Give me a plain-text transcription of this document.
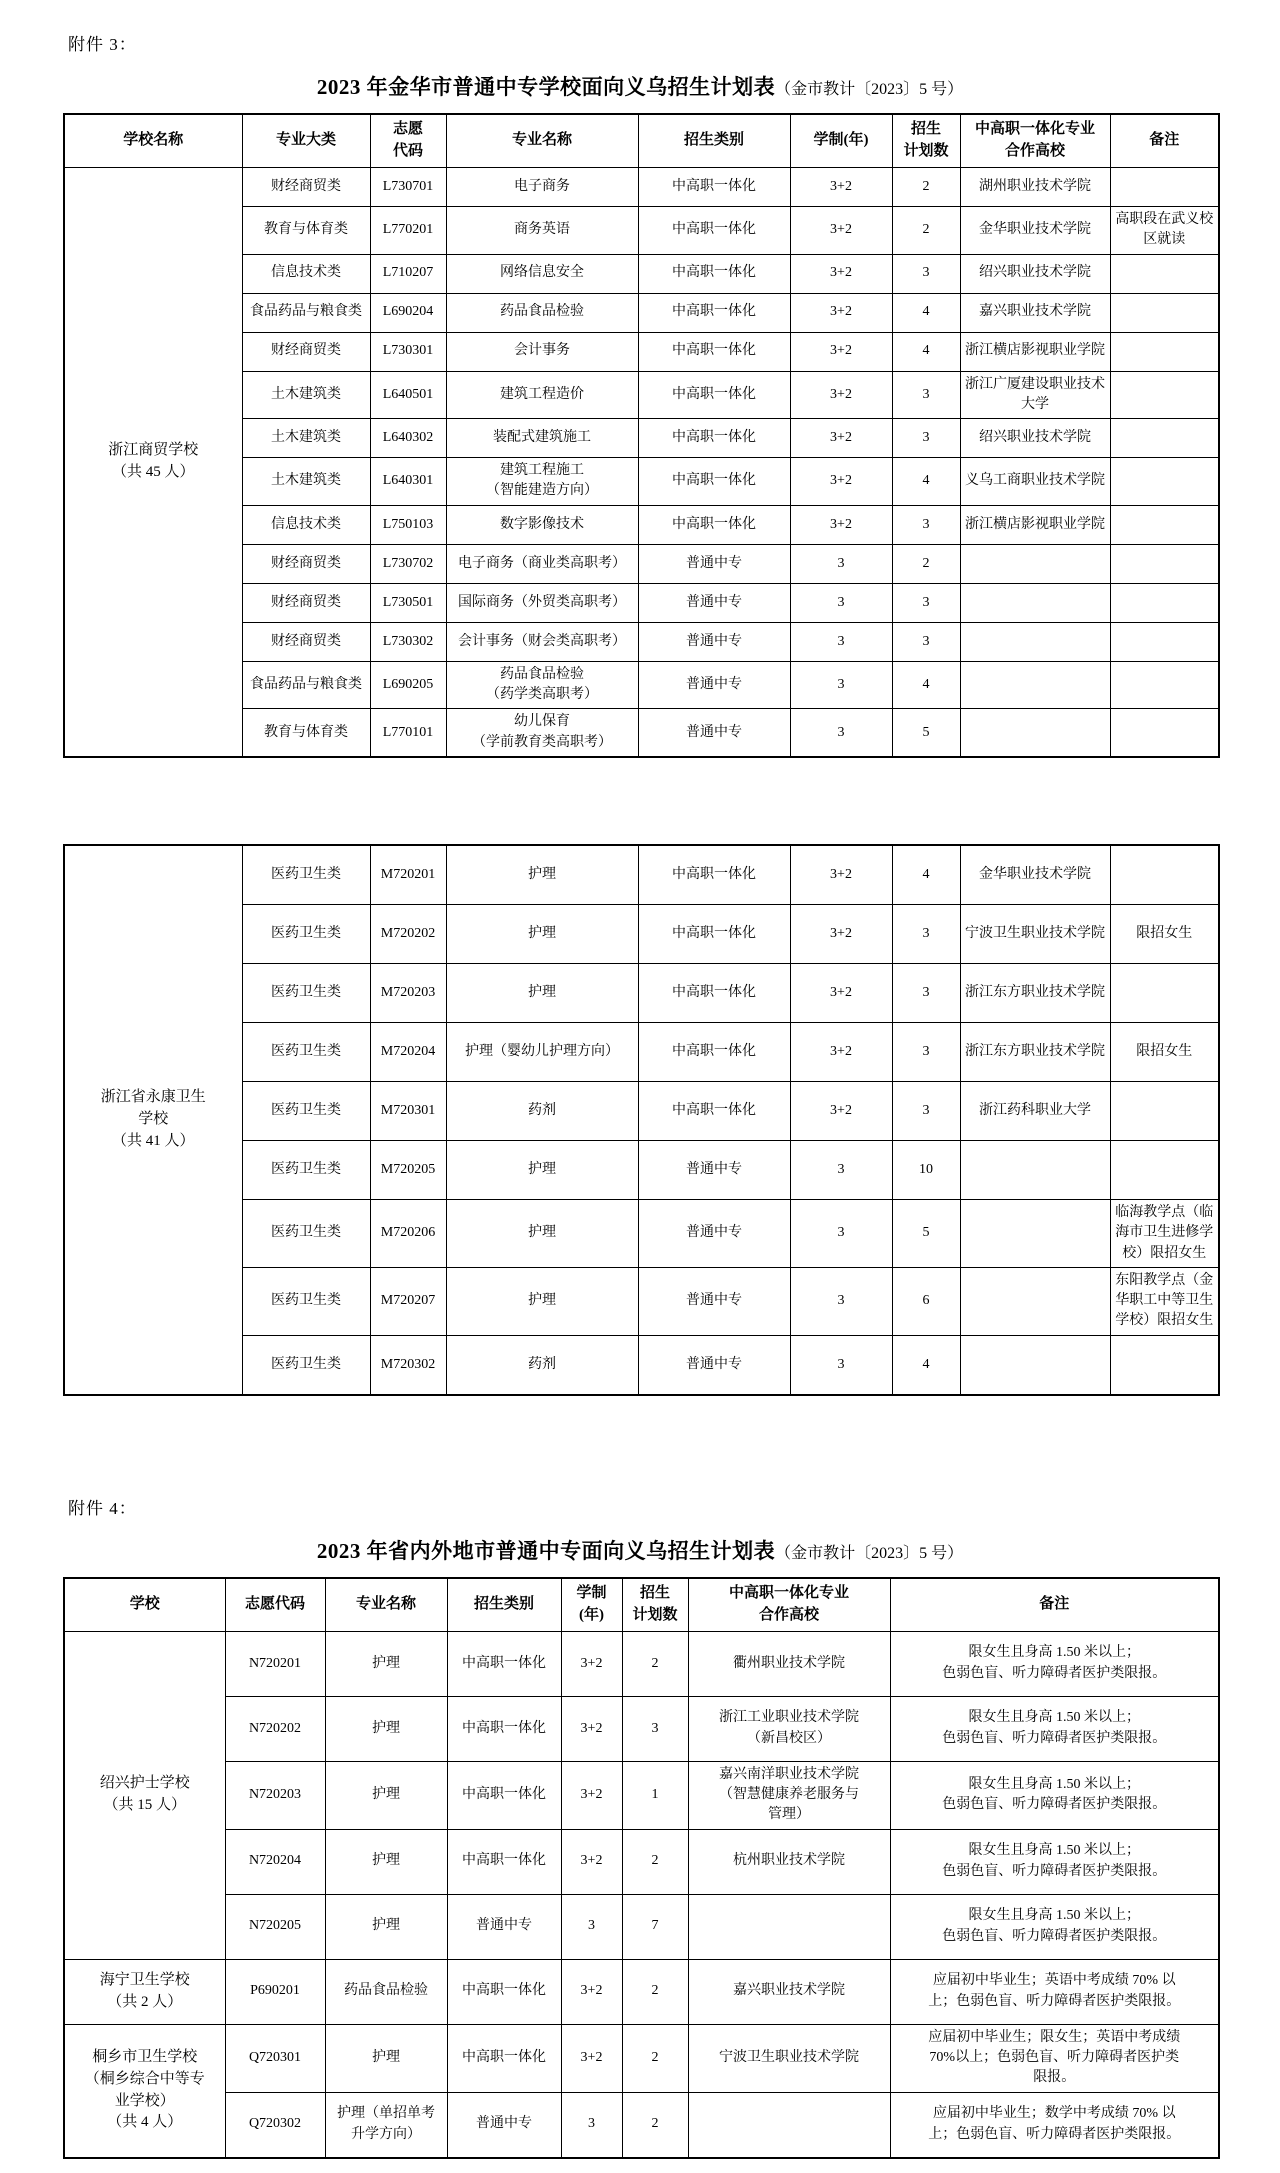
附件 3：
2023 年金华市普通中专学校面向义乌招生计划表（金市教计〔2023〕5 号）
学校名称	专业大类	志愿
代码	专业名称	招生类别	学制(年)	招生
计划数	中高职一体化专业
合作高校	备注
浙江商贸学校
（共 45 人）	财经商贸类	L730701	电子商务	中高职一体化	3+2	2	湖州职业技术学院	
	教育与体育类	L770201	商务英语	中高职一体化	3+2	2	金华职业技术学院	高职段在武义校区就读
	信息技术类	L710207	网络信息安全	中高职一体化	3+2	3	绍兴职业技术学院	
	食品药品与粮食类	L690204	药品食品检验	中高职一体化	3+2	4	嘉兴职业技术学院	
	财经商贸类	L730301	会计事务	中高职一体化	3+2	4	浙江横店影视职业学院	
	土木建筑类	L640501	建筑工程造价	中高职一体化	3+2	3	浙江广厦建设职业技术大学	
	土木建筑类	L640302	装配式建筑施工	中高职一体化	3+2	3	绍兴职业技术学院	
	土木建筑类	L640301	建筑工程施工
（智能建造方向）	中高职一体化	3+2	4	义乌工商职业技术学院	
	信息技术类	L750103	数字影像技术	中高职一体化	3+2	3	浙江横店影视职业学院	
	财经商贸类	L730702	电子商务（商业类高职考）	普通中专	3	2		
	财经商贸类	L730501	国际商务（外贸类高职考）	普通中专	3	3		
	财经商贸类	L730302	会计事务（财会类高职考）	普通中专	3	3		
	食品药品与粮食类	L690205	药品食品检验
（药学类高职考）	普通中专	3	4		
	教育与体育类	L770101	幼儿保育
（学前教育类高职考）	普通中专	3	5		
浙江省永康卫生
学校
（共 41 人）	医药卫生类	M720201	护理	中高职一体化	3+2	4	金华职业技术学院	
	医药卫生类	M720202	护理	中高职一体化	3+2	3	宁波卫生职业技术学院	限招女生
	医药卫生类	M720203	护理	中高职一体化	3+2	3	浙江东方职业技术学院	
	医药卫生类	M720204	护理（婴幼儿护理方向）	中高职一体化	3+2	3	浙江东方职业技术学院	限招女生
	医药卫生类	M720301	药剂	中高职一体化	3+2	3	浙江药科职业大学	
	医药卫生类	M720205	护理	普通中专	3	10		
	医药卫生类	M720206	护理	普通中专	3	5		临海教学点（临海市卫生进修学校）限招女生
	医药卫生类	M720207	护理	普通中专	3	6		东阳教学点（金华职工中等卫生学校）限招女生
	医药卫生类	M720302	药剂	普通中专	3	4		
附件 4：
2023 年省内外地市普通中专面向义乌招生计划表（金市教计〔2023〕5 号）
学校	志愿代码	专业名称	招生类别	学制
(年)	招生
计划数	中高职一体化专业
合作高校	备注
绍兴护士学校
（共 15 人）	N720201	护理	中高职一体化	3+2	2	衢州职业技术学院	限女生且身高 1.50 米以上；
色弱色盲、听力障碍者医护类限报。
	N720202	护理	中高职一体化	3+2	3	浙江工业职业技术学院
（新昌校区）	限女生且身高 1.50 米以上；
色弱色盲、听力障碍者医护类限报。
	N720203	护理	中高职一体化	3+2	1	嘉兴南洋职业技术学院
（智慧健康养老服务与
管理）	限女生且身高 1.50 米以上；
色弱色盲、听力障碍者医护类限报。
	N720204	护理	中高职一体化	3+2	2	杭州职业技术学院	限女生且身高 1.50 米以上；
色弱色盲、听力障碍者医护类限报。
	N720205	护理	普通中专	3	7		限女生且身高 1.50 米以上；
色弱色盲、听力障碍者医护类限报。
海宁卫生学校
（共 2 人）	P690201	药品食品检验	中高职一体化	3+2	2	嘉兴职业技术学院	应届初中毕业生；英语中考成绩 70% 以
上；色弱色盲、听力障碍者医护类限报。
桐乡市卫生学校
（桐乡综合中等专
业学校）
（共 4 人）	Q720301	护理	中高职一体化	3+2	2	宁波卫生职业技术学院	应届初中毕业生；限女生；英语中考成绩
70%以上；色弱色盲、听力障碍者医护类
限报。
	Q720302	护理（单招单考
升学方向）	普通中专	3	2		应届初中毕业生；数学中考成绩 70% 以
上；色弱色盲、听力障碍者医护类限报。
